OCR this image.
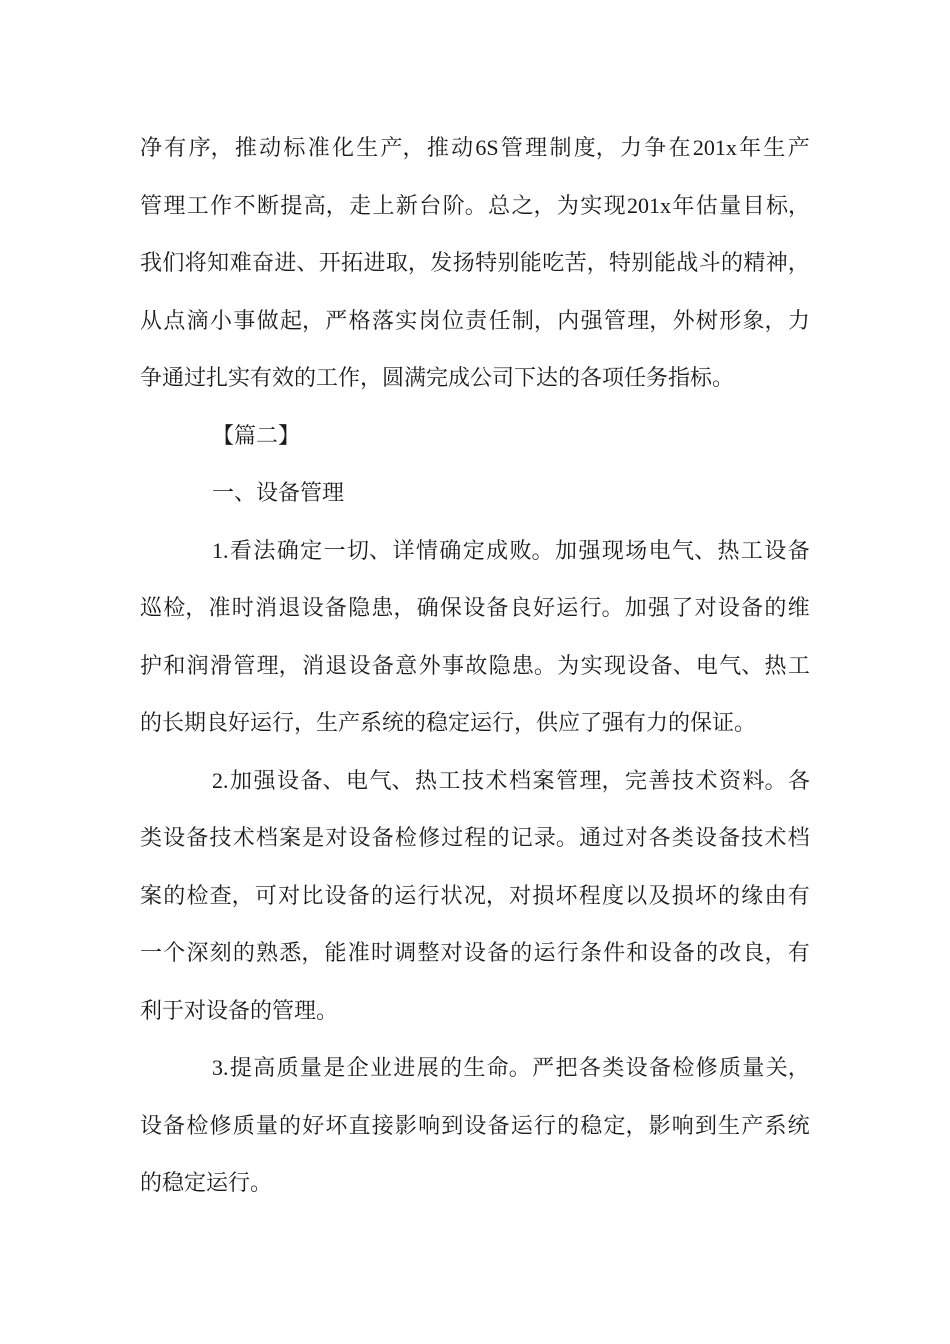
净 有 序， 推 动 标 准 化 生 产， 推 动 6S 管 理 制 度， 力 争 在 201x 年 生 产
管 理 工 作 不 断 提 高， 走 上 新 台 阶。 总 之， 为 实 现 201x 年 估 量 目 标，
我 们 将 知 难 奋 进、 开 拓 进 取， 发 扬 特 别 能 吃 苦， 特 别 能 战 斗 的 精 神，
从 点 滴 小 事 做 起， 严 格 落 实 岗 位 责 任 制， 内 强 管 理， 外 树 形 象， 力
争通过扎实有效的工作，圆满完成公司下达的各项任务指标。
【篇二】
一、设备管理
1. 看 法 确 定 一 切、 详 情 确 定 成 败。 加 强 现 场 电 气、 热 工 设 备
巡 检， 准 时 消 退 设 备 隐 患， 确 保 设 备 良 好 运 行。 加 强 了 对 设 备 的 维
护 和 润 滑 管 理， 消 退 设 备 意 外 事 故 隐 患。 为 实 现 设 备、 电 气、 热 工
的长期良好运行，生产系统的稳定运行，供应了强有力的保证。
2. 加 强 设 备、 电 气、 热 工 技 术 档 案 管 理， 完 善 技 术 资 料。 各
类 设 备 技 术 档 案 是 对 设 备 检 修 过 程 的 记 录。 通 过 对 各 类 设 备 技 术 档
案 的 检 查， 可 对 比 设 备 的 运 行 状 况， 对 损 坏 程 度 以 及 损 坏 的 缘 由 有
一 个 深 刻 的 熟 悉， 能 准 时 调 整 对 设 备 的 运 行 条 件 和 设 备 的 改 良， 有
利于对设备的管理。
3. 提 高 质 量 是 企 业 进 展 的 生 命。 严 把 各 类 设 备 检 修 质 量 关，
设 备 检 修 质 量 的 好 坏 直 接 影 响 到 设 备 运 行 的 稳 定， 影 响 到 生 产 系 统
的稳定运行。
